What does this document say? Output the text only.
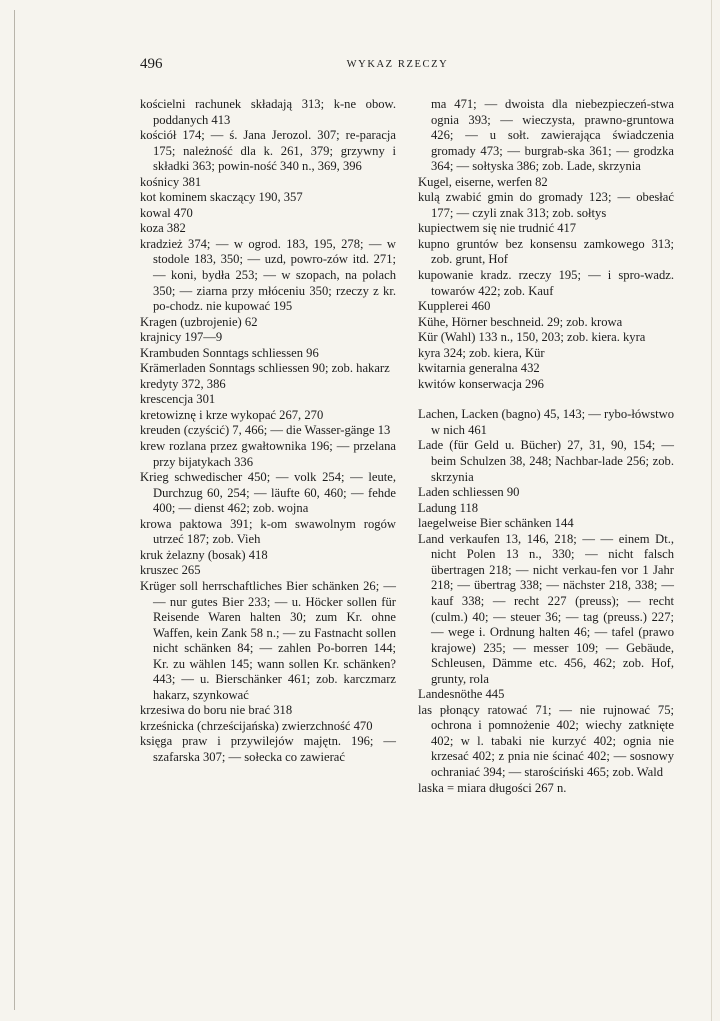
496	WYKAZ RZECZY
kościelni rachunek składają 313; k-ne obow. poddanych 413
kościół 174; — ś. Jana Jerozol. 307; re-paracja 175; należność dla k. 261, 379; grzywny i składki 363; powin-ność 340 n., 369, 396
kośnicy 381
kot kominem skaczący 190, 357
kowal 470
koza 382
kradzież 374; — w ogrod. 183, 195, 278; — w stodole 183, 350; — uzd, powro-zów itd. 271; — koni, bydła 253; — w szopach, na polach 350; — ziarna przy młóceniu 350; rzeczy z kr. po-chodz. nie kupować 195
Kragen (uzbrojenie) 62
krajnicy 197—9
Krambuden Sonntags schliessen 96
Krämerladen Sonntags schliessen 90; zob. hakarz
kredyty 372, 386
krescencja 301
kretowiznę i krze wykopać 267, 270
kreuden (czyścić) 7, 466; — die Wasser-gänge 13
krew rozlana przez gwałtownika 196; — przelana przy bijatykach 336
Krieg schwedischer 450; — volk 254; — leute, Durchzug 60, 254; — läufte 60, 460; — fehde 400; — dienst 462; zob. wojna
krowa paktowa 391; k-om swawolnym rogów utrzeć 187; zob. Vieh
kruk żelazny (bosak) 418
kruszec 265
Krüger soll herrschaftliches Bier schänken 26; — — nur gutes Bier 233; — u. Höcker sollen für Reisende Waren halten 30; zum Kr. ohne Waffen, kein Zank 58 n.; — zu Fastnacht sollen nicht schänken 84; — zahlen Po-borren 144; Kr. zu wählen 145; wann sollen Kr. schänken? 443; — u. Bierschänker 461; zob. karczmarz hakarz, szynkować
krzesiwa do boru nie brać 318
krześnicka (chrześcijańska) zwierzchność 470
księga praw i przywilejów majętn. 196; — szafarska 307; — sołecka co zawierać
ma 471; — dwoista dla niebezpieczeń-stwa ognia 393; — wieczysta, prawno-gruntowa 426; — u sołt. zawierająca świadczenia gromady 473; — burgrab-ska 361; — grodzka 364; — sołtyska 386; zob. Lade, skrzynia
Kugel, eiserne, werfen 82
kulą zwabić gmin do gromady 123; — obesłać 177; — czyli znak 313; zob. sołtys
kupiectwem się nie trudnić 417
kupno gruntów bez konsensu zamkowego 313; zob. grunt, Hof
kupowanie kradz. rzeczy 195; — i spro-wadz. towarów 422; zob. Kauf
Kupplerei 460
Kühe, Hörner beschneid. 29; zob. krowa
Kür (Wahl) 133 n., 150, 203; zob. kiera. kyra
kyra 324; zob. kiera, Kür
kwitarnia generalna 432
kwitów konserwacja 296
Lachen, Lacken (bagno) 45, 143; — rybo-łówstwo w nich 461
Lade (für Geld u. Bücher) 27, 31, 90, 154; — beim Schulzen 38, 248; Nachbar-lade 256; zob. skrzynia
Laden schliessen 90
Ladung 118
laegelweise Bier schänken 144
Land verkaufen 13, 146, 218; — — einem Dt., nicht Polen 13 n., 330; — nicht falsch übertragen 218; — nicht verkau-fen vor 1 Jahr 218; — übertrag 338; — nächster 218, 338; — kauf 338; — recht 227 (preuss); — recht (culm.) 40; — steuer 36; — tag (preuss.) 227; — wege i. Ordnung halten 46; — tafel (prawo krajowe) 235; — messer 109; — Gebäude, Schleusen, Dämme etc. 456, 462; zob. Hof, grunty, rola
Landesnöthe 445
las płonący ratować 71; — nie rujnować 75; ochrona i pomnożenie 402; wiechy zatknięte 402; w l. tabaki nie kurzyć 402; ognia nie krzesać 402; z pnia nie ścinać 402; — sosnowy ochraniać 394; — starościński 465; zob. Wald
laska = miara długości 267 n.
